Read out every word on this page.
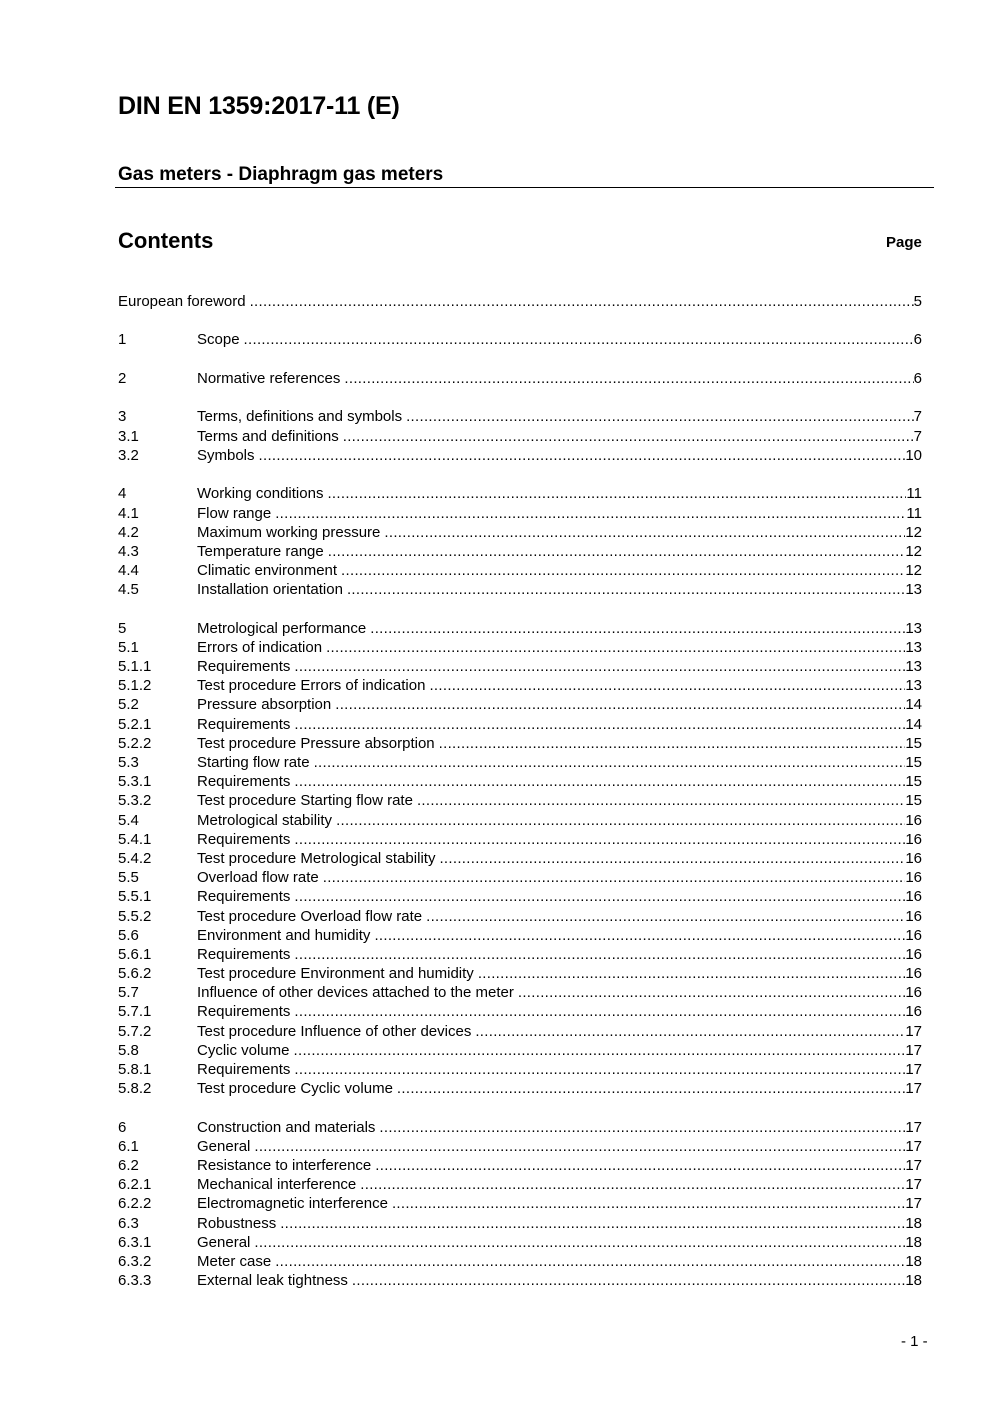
DIN EN 1359:2017-11 (E)
Gas meters - Diaphragm gas meters
Contents	Page
European foreword .....	5
1	Scope .....	6
2	Normative references .....	6
3	Terms, definitions and symbols .....	7
3.1	Terms and definitions .....	7
3.2	Symbols .....	10
4	Working conditions .....	11
4.1	Flow range .....	11
4.2	Maximum working pressure .....	12
4.3	Temperature range .....	12
4.4	Climatic environment .....	12
4.5	Installation orientation .....	13
5	Metrological performance .....	13
5.1	Errors of indication .....	13
5.1.1	Requirements .....	13
5.1.2	Test procedure Errors of indication .....	13
5.2	Pressure absorption .....	14
5.2.1	Requirements .....	14
5.2.2	Test procedure Pressure absorption .....	15
5.3	Starting flow rate .....	15
5.3.1	Requirements .....	15
5.3.2	Test procedure Starting flow rate .....	15
5.4	Metrological stability .....	16
5.4.1	Requirements .....	16
5.4.2	Test procedure Metrological stability .....	16
5.5	Overload flow rate .....	16
5.5.1	Requirements .....	16
5.5.2	Test procedure Overload flow rate .....	16
5.6	Environment and humidity .....	16
5.6.1	Requirements .....	16
5.6.2	Test procedure Environment and humidity .....	16
5.7	Influence of other devices attached to the meter .....	16
5.7.1	Requirements .....	16
5.7.2	Test procedure Influence of other devices .....	17
5.8	Cyclic volume .....	17
5.8.1	Requirements .....	17
5.8.2	Test procedure Cyclic volume .....	17
6	Construction and materials .....	17
6.1	General .....	17
6.2	Resistance to interference .....	17
6.2.1	Mechanical interference .....	17
6.2.2	Electromagnetic interference .....	17
6.3	Robustness .....	18
6.3.1	General .....	18
6.3.2	Meter case .....	18
6.3.3	External leak tightness .....	18
- 1 -
